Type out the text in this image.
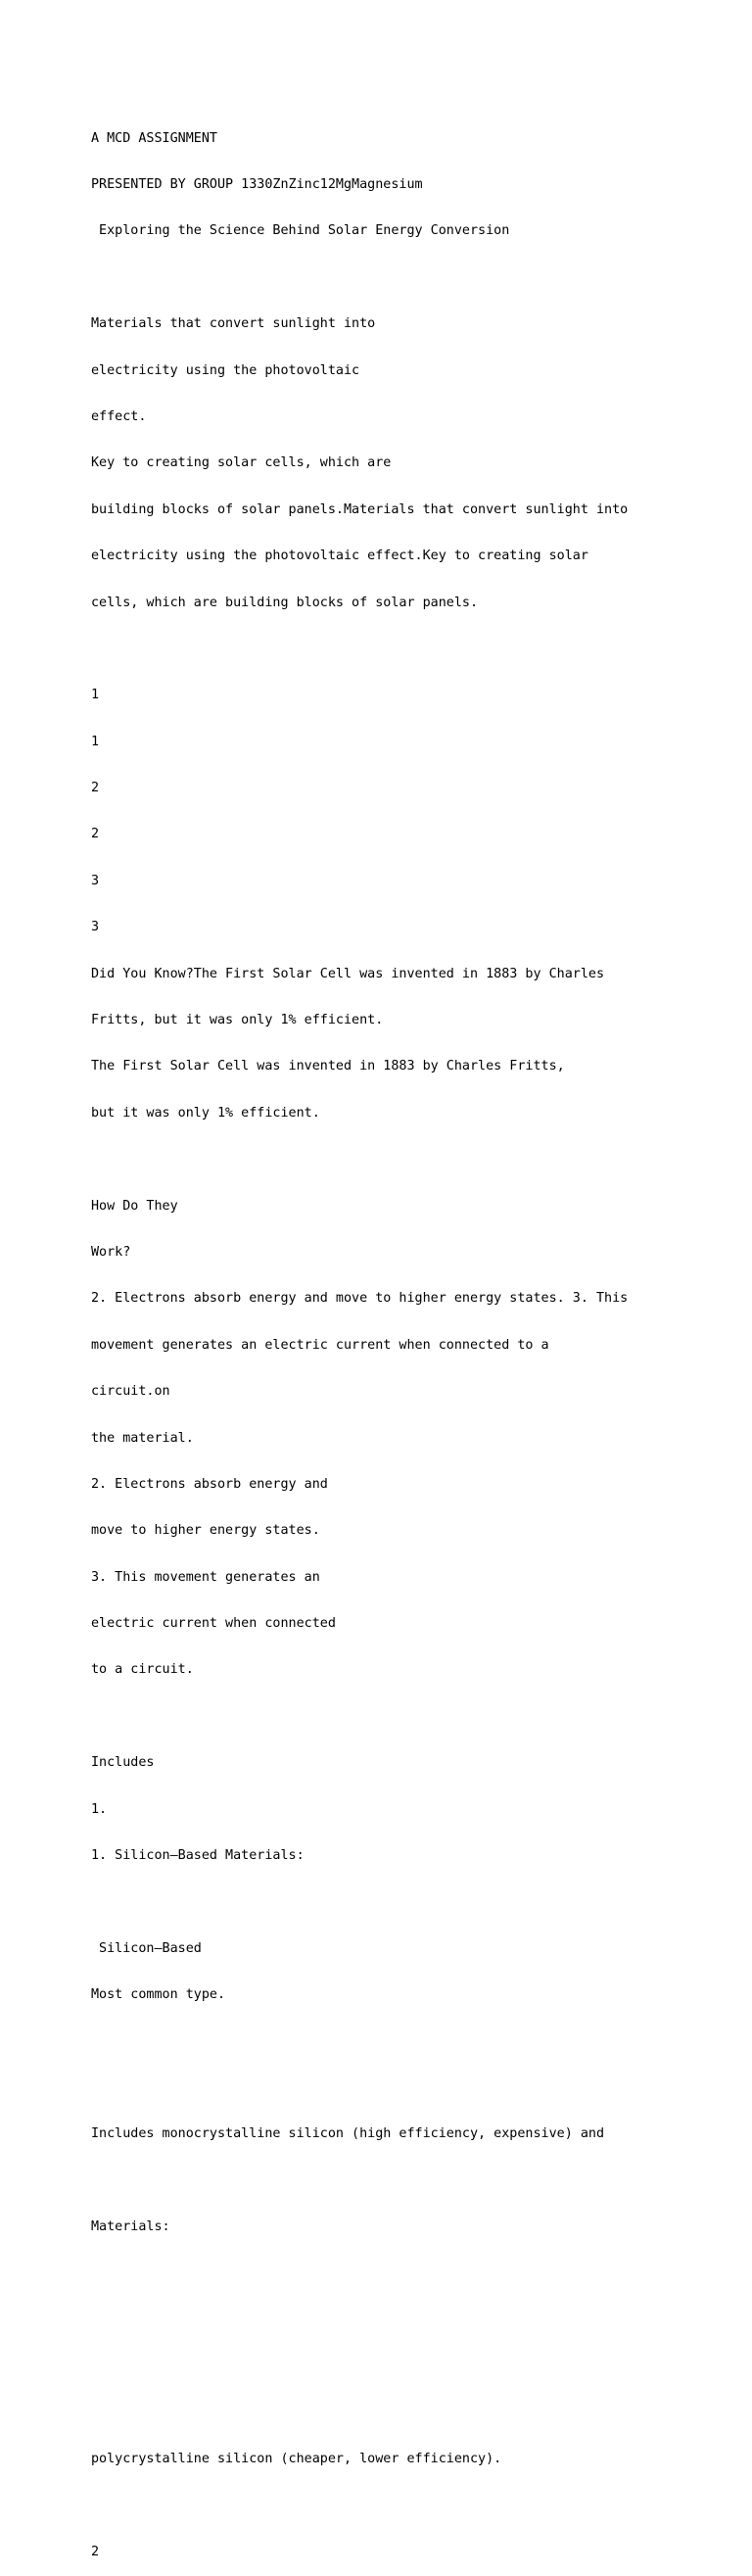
A MCD ASSIGNMENT

PRESENTED BY GROUP 1330ZnZinc12MgMagnesium

Exploring the Science Behind Solar Energy Conversion

Materials that convert sunlight into

electricity using the photovoltaic

effect.

Key to creating solar cells, which are

building blocks of solar panels.Materials that convert sunlight into

electricity using the photovoltaic effect.Key to creating solar

cells, which are building blocks of solar panels.

1

1

2

2

3

3

Did You Know?The First Solar Cell was invented in 1883 by Charles

Fritts, but it was only 1% efficient.

The First Solar Cell was invented in 1883 by Charles Fritts,

but it was only 1% efficient.

How Do They

Work?

2. Electrons absorb energy and move to higher energy states. 3. This

movement generates an electric current when connected to a

circuit.on

the material.

2. Electrons absorb energy and

move to higher energy states.

3. This movement generates an

electric current when connected

to a circuit.

Includes

1.

1. Silicon–Based Materials:

Silicon–Based

Most common type.

Includes monocrystalline silicon (high efficiency, expensive) and

Materials:

polycrystalline silicon (cheaper, lower efficiency).

2
